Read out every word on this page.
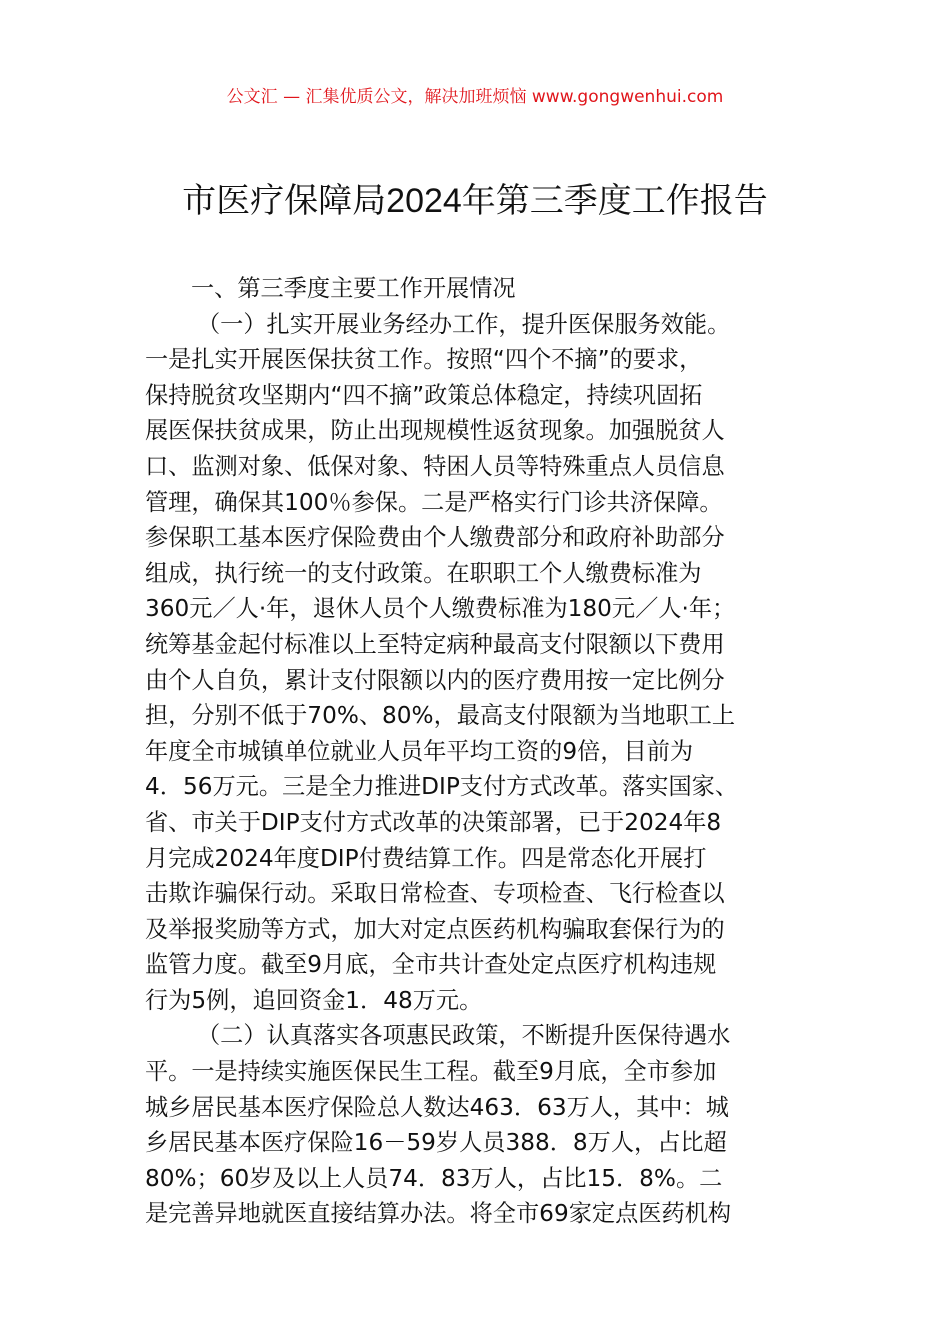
公文汇 — 汇集优质公文，解决加班烦恼 www.gongwenhui.com
市医疗保障局2024年第三季度工作报告
一、第三季度主要工作开展情况
（一）扎实开展业务经办工作，提升医保服务效能。
一是扎实开展医保扶贫工作。按照“四个不摘”的要求，
保持脱贫攻坚期内“四不摘”政策总体稳定，持续巩固拓
展医保扶贫成果，防止出现规模性返贫现象。加强脱贫人
口、监测对象、低保对象、特困人员等特殊重点人员信息
管理，确保其100％参保。二是严格实行门诊共济保障。
参保职工基本医疗保险费由个人缴费部分和政府补助部分
组成，执行统一的支付政策。在职职工个人缴费标准为
360元／人·年，退休人员个人缴费标准为180元／人·年；
统筹基金起付标准以上至特定病种最高支付限额以下费用
由个人自负，累计支付限额以内的医疗费用按一定比例分
担，分别不低于70%、80%，最高支付限额为当地职工上
年度全市城镇单位就业人员年平均工资的9倍，目前为
4．56万元。三是全力推进DIP支付方式改革。落实国家、
省、市关于DIP支付方式改革的决策部署，已于2024年8
月完成2024年度DIP付费结算工作。四是常态化开展打
击欺诈骗保行动。采取日常检查、专项检查、飞行检查以
及举报奖励等方式，加大对定点医药机构骗取套保行为的
监管力度。截至9月底，全市共计查处定点医疗机构违规
行为5例，追回资金1．48万元。
（二）认真落实各项惠民政策，不断提升医保待遇水
平。一是持续实施医保民生工程。截至9月底，全市参加
城乡居民基本医疗保险总人数达463．63万人，其中：城
乡居民基本医疗保险16－59岁人员388．8万人，占比超
80%；60岁及以上人员74．83万人，占比15．8%。二
是完善异地就医直接结算办法。将全市69家定点医药机构
